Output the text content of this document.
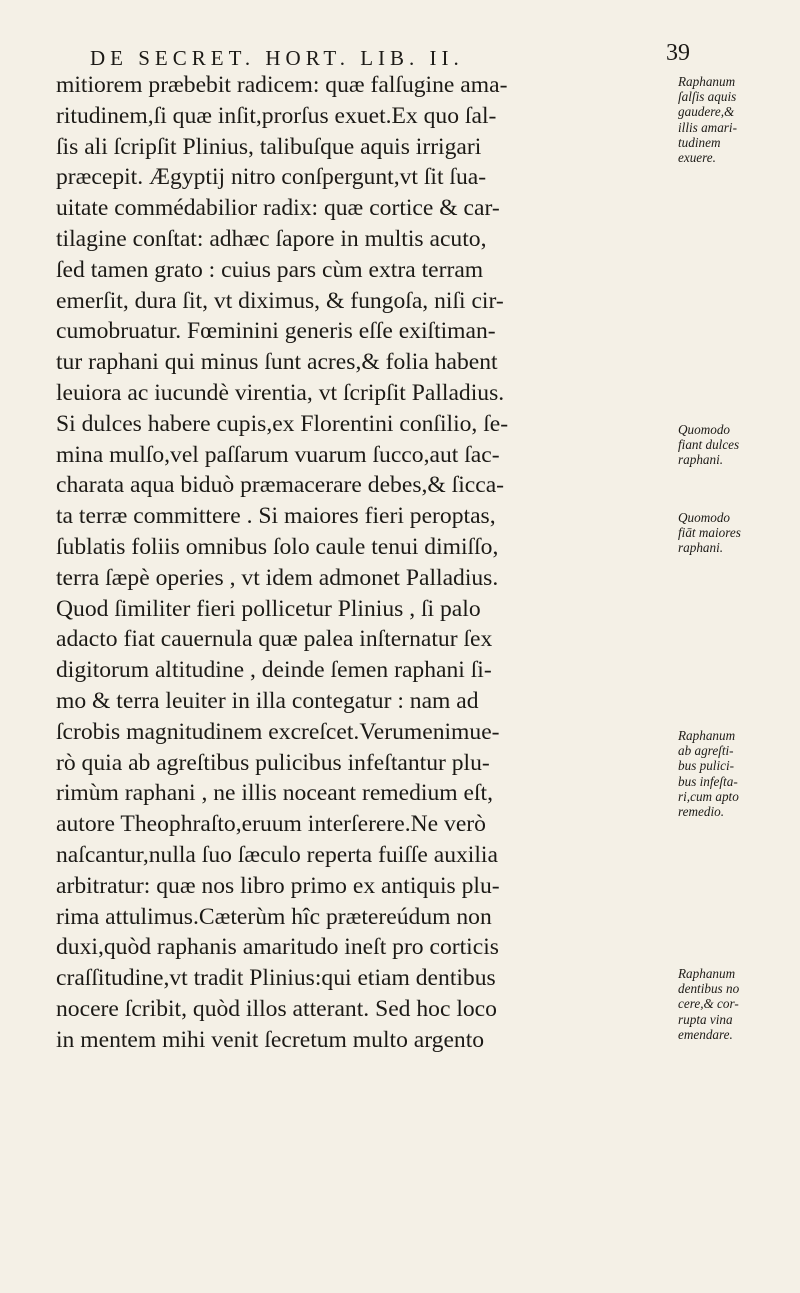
DE SECRET. HORT. LIB. II.	39
mitiorem præbebit radicem: quæ falſugine ama-
ritudinem,ſi quæ inſit,prorſus exuet.Ex quo ſal-
ſis ali ſcripſit Plinius, talibuſque aquis irrigari
præcepit. Ægyptij nitro conſpergunt,vt ſit ſua-
uitate commédabilior radix: quæ cortice & car-
tilagine conſtat: adhæc ſapore in multis acuto,
ſed tamen grato : cuius pars cùm extra terram
emerſit, dura ſit, vt diximus, & fungoſa, niſi cir-
cumobruatur. Fœminini generis eſſe exiſtiman-
tur raphani qui minus ſunt acres,& folia habent
leuiora ac iucundè virentia, vt ſcripſit Palladius.
Si dulces habere cupis,ex Florentini conſilio, ſe-
mina mulſo,vel paſſarum vuarum ſucco,aut ſac-
charata aqua biduò præmacerare debes,& ſicca-
ta terræ committere . Si maiores fieri peroptas,
ſublatis foliis omnibus ſolo caule tenui dimiſſo,
terra ſæpè operies , vt idem admonet Palladius.
Quod ſimiliter fieri pollicetur Plinius , ſi palo
adacto fiat cauernula quæ palea inſternatur ſex
digitorum altitudine , deinde ſemen raphani ſi-
mo & terra leuiter in illa contegatur : nam ad
ſcrobis magnitudinem excreſcet.Verumenimue-
rò quia ab agreſtibus pulicibus infeſtantur plu-
rimùm raphani , ne illis noceant remedium eſt,
autore Theophraſto,eruum interſerere.Ne verò
naſcantur,nulla ſuo ſæculo reperta fuiſſe auxilia
arbitratur: quæ nos libro primo ex antiquis plu-
rima attulimus.Cæterùm hîc prætereúdum non
duxi,quòd raphanis amaritudo ineſt pro corticis
craſſitudine,vt tradit Plinius:qui etiam dentibus
nocere ſcribit, quòd illos atterant. Sed hoc loco
in mentem mihi venit ſecretum multo argento
Raphanum
ſalſis aquis
gaudere,&
illis amari-
tudinem
exuere.
Quomodo
fiant dulces
raphani.
Quomodo
fiāt maiores
raphani.
Raphanum
ab agreſti-
bus pulici-
bus infeſta-
ri,cum apto
remedio.
Raphanum
dentibus no
cere,& cor-
rupta vina
emendare.
